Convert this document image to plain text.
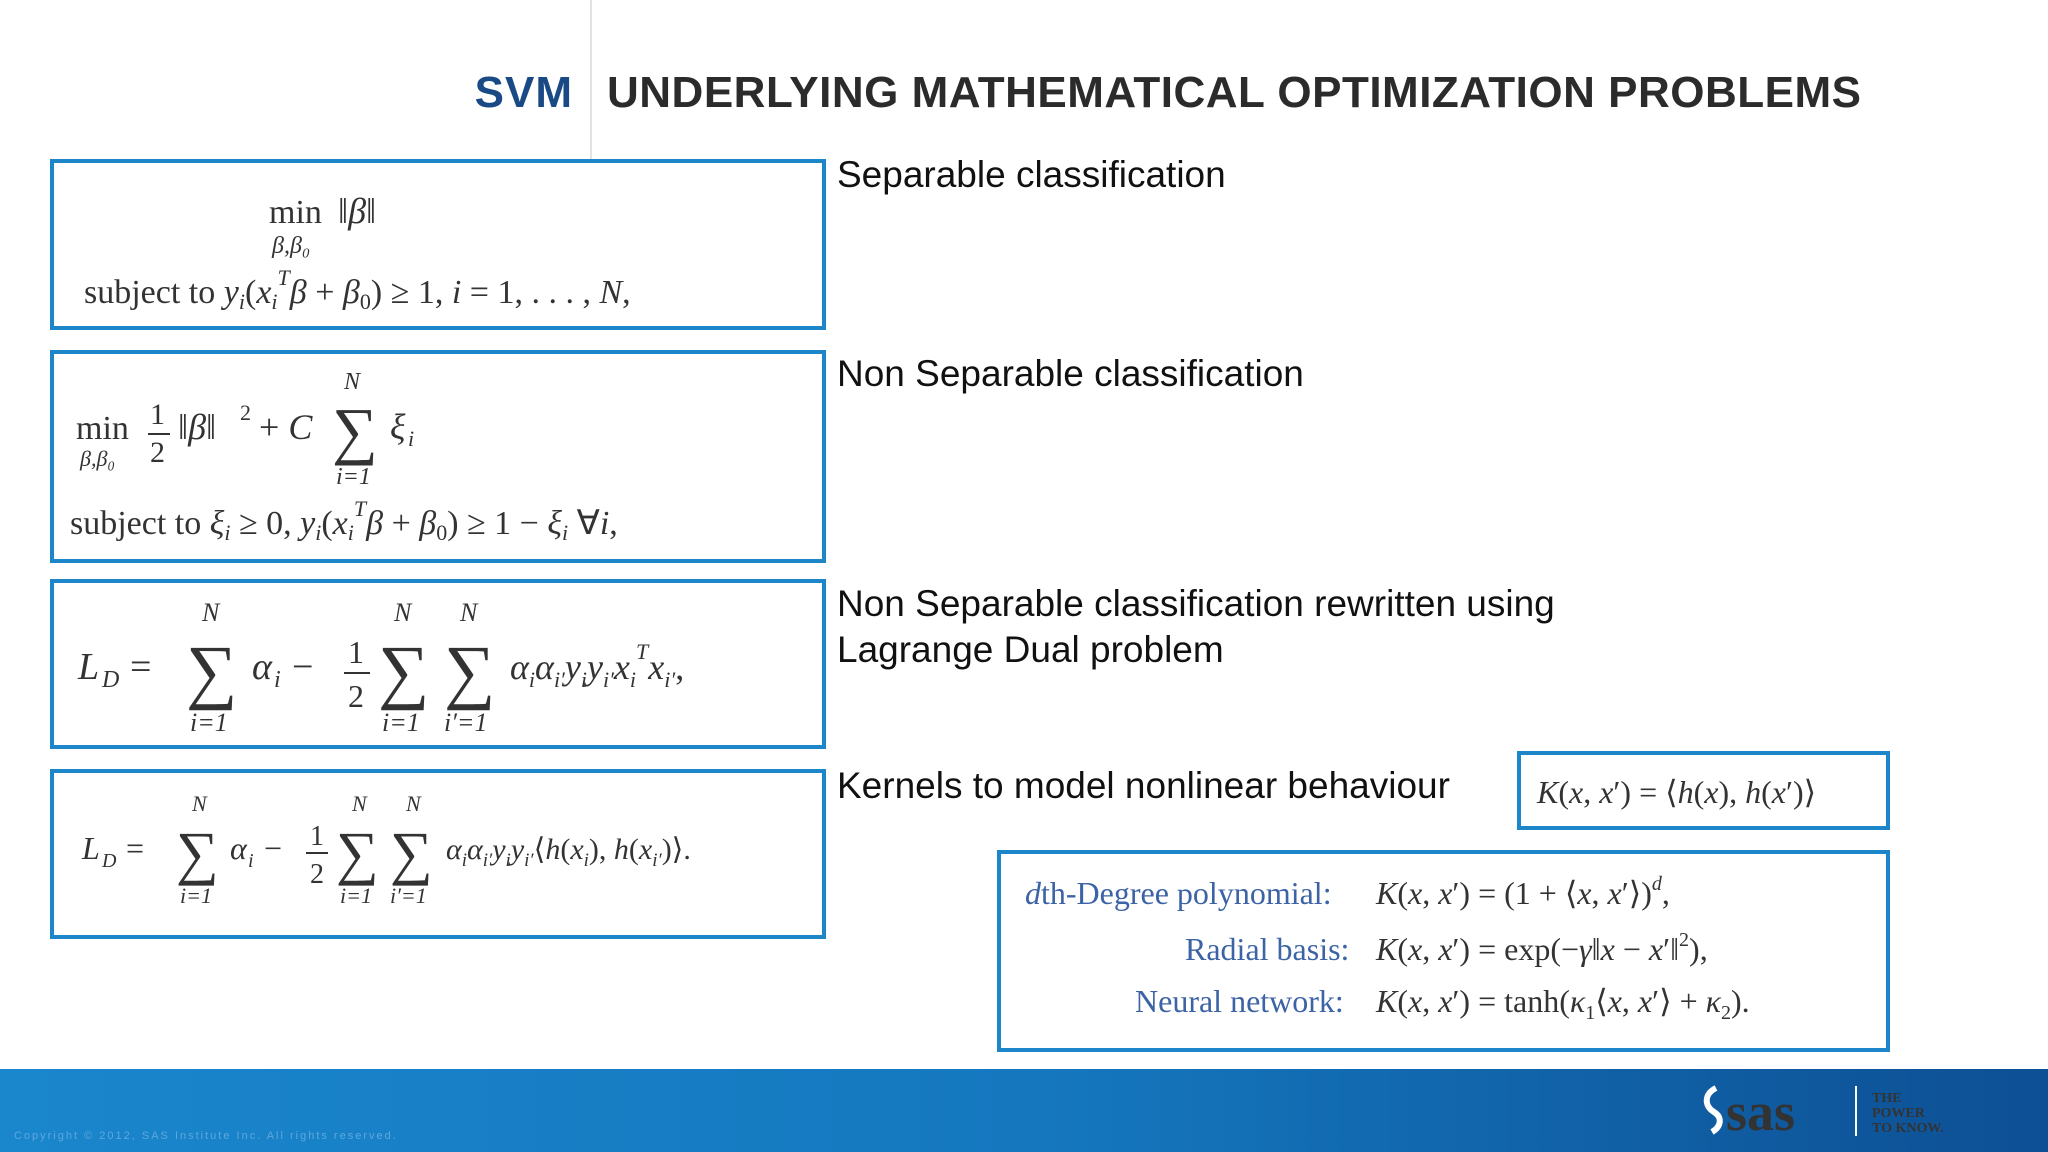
SVM UNDERLYING MATHEMATICAL OPTIMIZATION PROBLEMS
min
β,β₀
‖β‖
subject to $yi(xi^T\beta + \beta 0) \ge 1$, i = 1, . . . , N,
Separable classification
min
β,β₀
1
2
‖β‖ 2 + C
N
∑
i=1
ξ i
subject to ξi ≥ 0, $yi(xi^T\beta + \beta 0) \ge 1 - \xi i$ ∀i,
Non Separable classification
L D =
N
∑
i=1
α i − 1
2
N
∑
i=1
N
∑
i′=1
$\alpha_i\alpha_{i'}y_iy_{i'}x_i^Tx_{i'}$,
Non Separable classification rewritten using
Lagrange Dual problem
L D =
N
∑
i=1
α i − 1
2
N
∑
i=1
N
∑
i′=1
$\alpha_i\alpha_{i'}y_iy_{i'}⟨h(x_i)$, $h(x_{i'})⟩$.
Kernels to model nonlinear behaviour	K(x, x′) = ⟨h(x), h(x′)⟩
dth-Degree polynomial: K(x, x′) = (1 + ⟨x, x′⟩)$^d$,
Radial basis: K(x, x′) = exp(−γ‖x − x′‖$^2$),
Neural network: K(x, $x') = \tanh(\kappa_1⟨x$, x′⟩ + $\kappa_2$).
Copyright © 2012, SAS Institute Inc. All rights reserved.	sas	THE
POWER
TO KNOW.
